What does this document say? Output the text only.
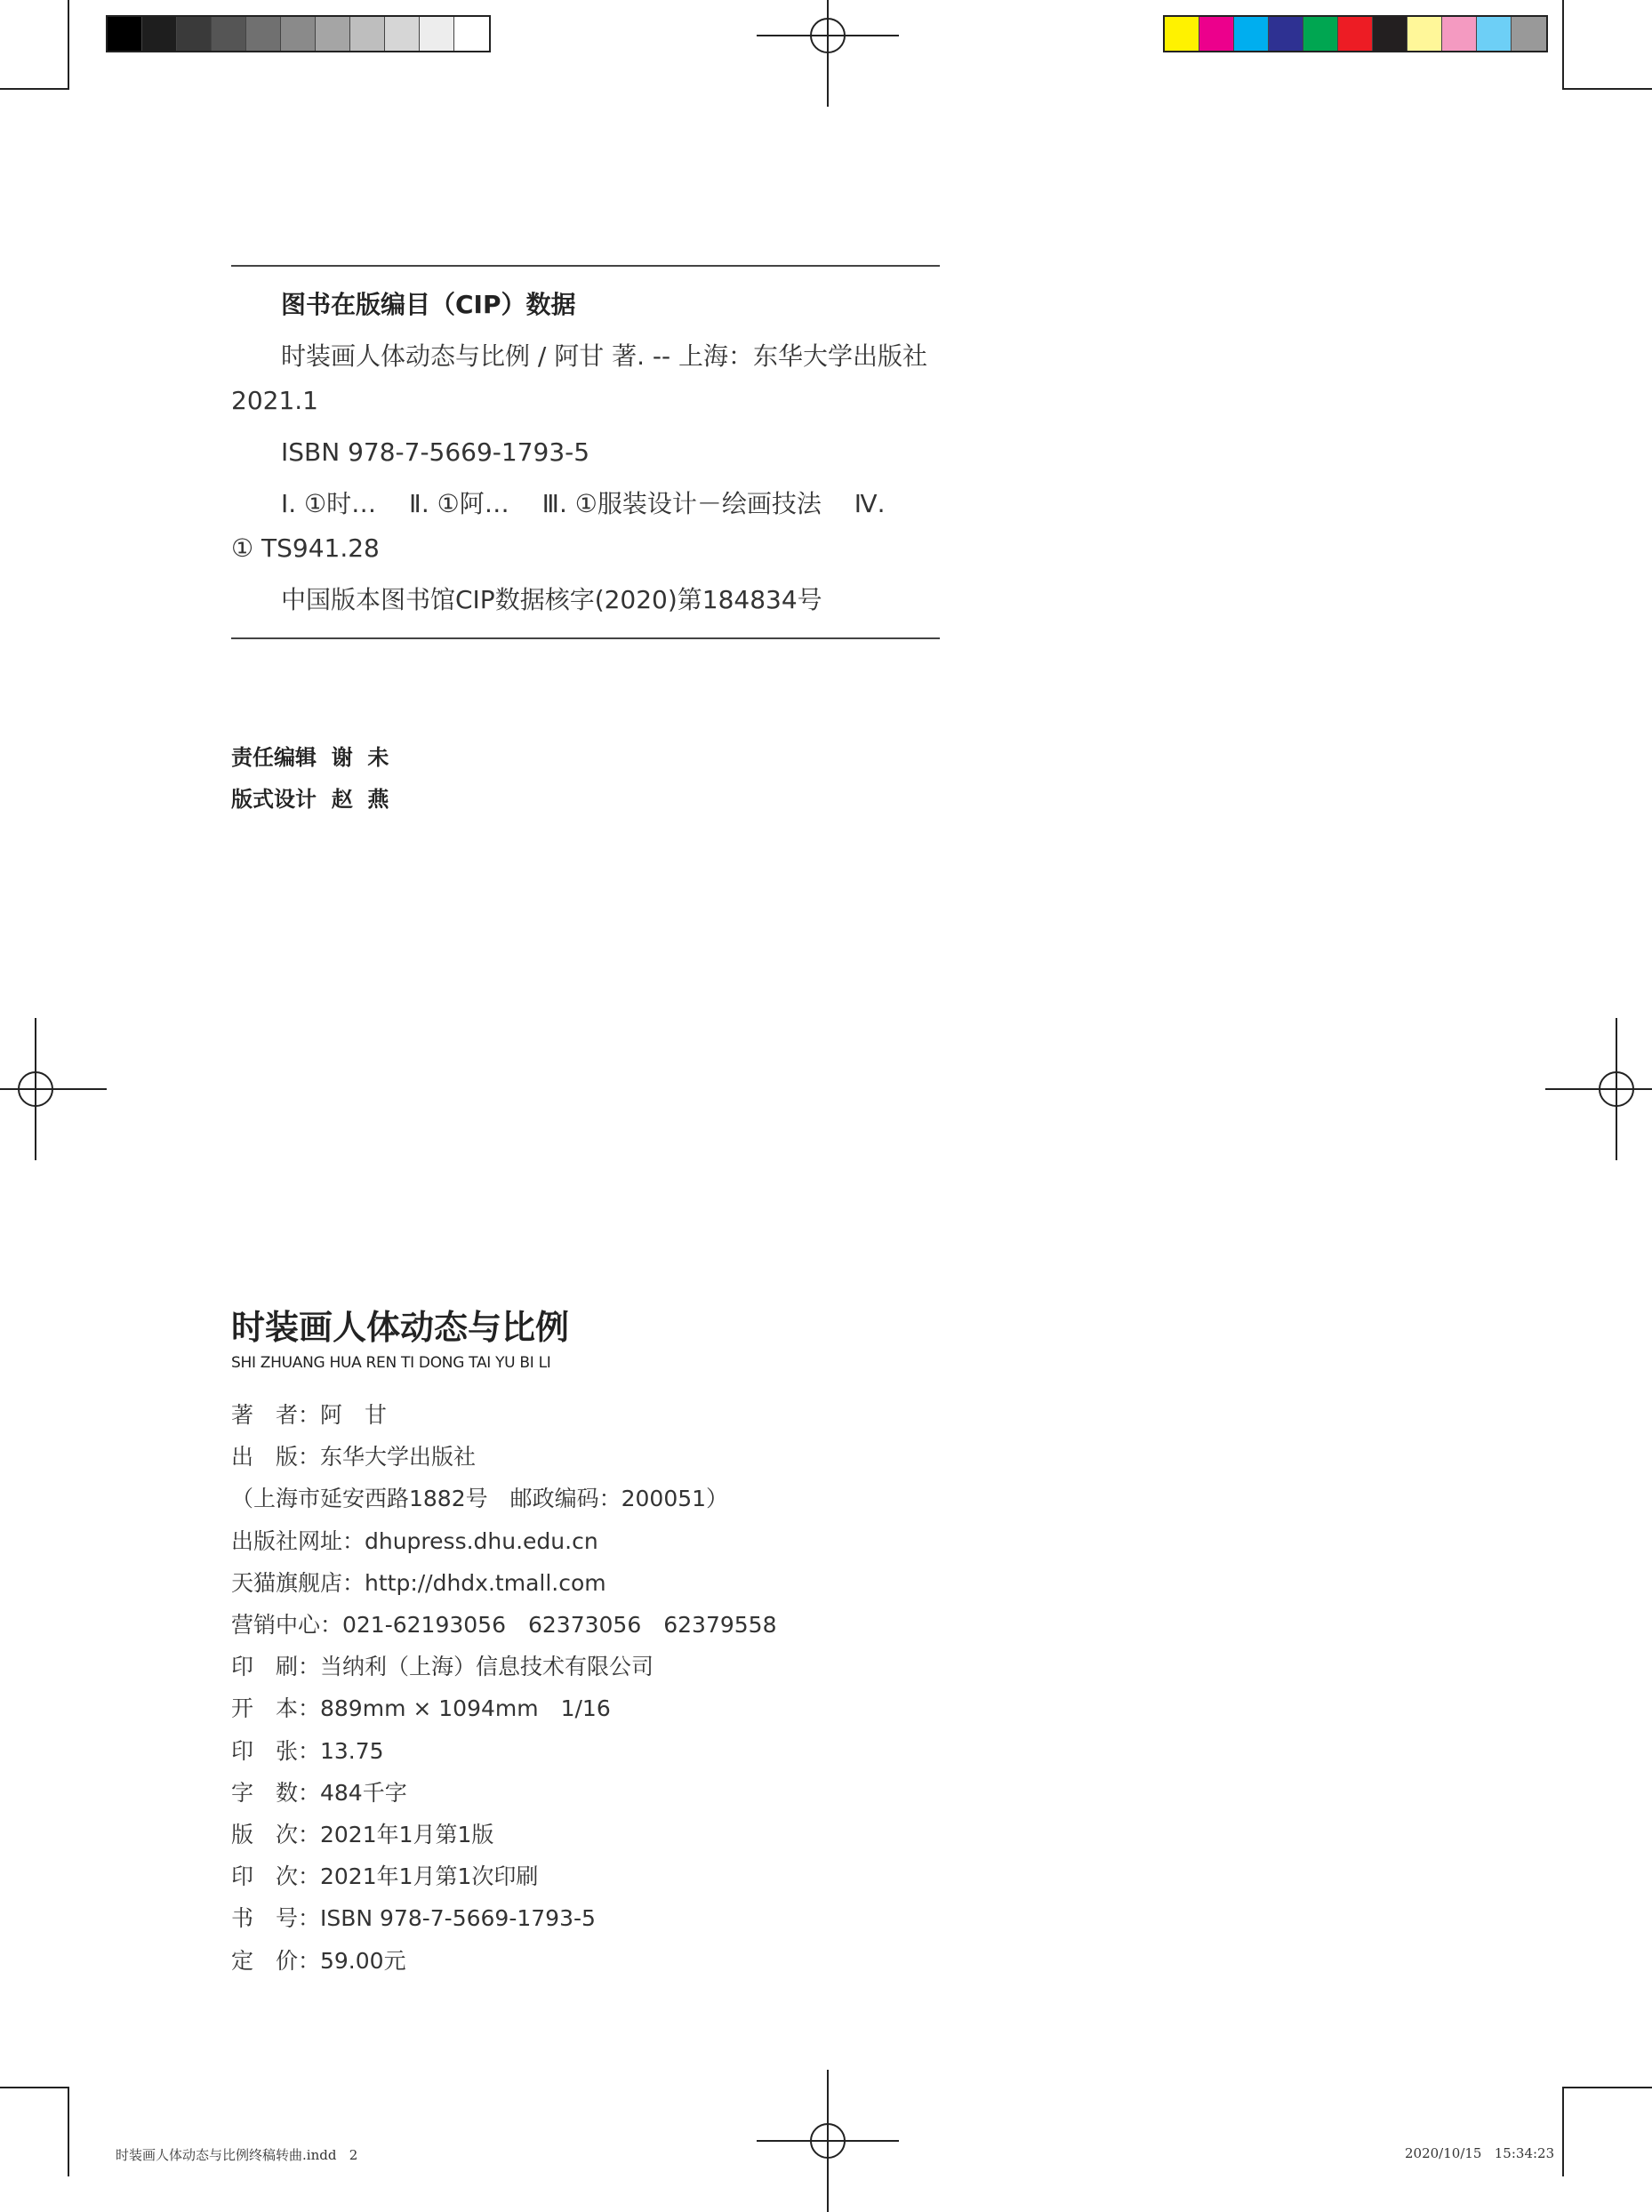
图书在版编目（CIP）数据

时装画人体动态与比例 / 阿甘 著. -- 上海：东华大学出版社

2021.1

ISBN 978-7-5669-1793-5

Ⅰ. ①时…　 Ⅱ. ①阿…　 Ⅲ. ①服装设计－绘画技法　 Ⅳ.

① TS941.28

中国版本图书馆CIP数据核字(2020)第184834号

责任编辑  谢  未
版式设计  赵  燕
时装画人体动态与比例
SHI ZHUANG HUA REN TI DONG TAI YU BI LI
著　者：阿　甘
出　版：东华大学出版社
（上海市延安西路1882号　邮政编码：200051）
出版社网址：dhupress.dhu.edu.cn
天猫旗舰店：http://dhdx.tmall.com
营销中心：021-62193056　62373056　62379558
印　刷：当纳利（上海）信息技术有限公司
开　本：889mm × 1094mm　1/16
印　张：13.75
字　数：484千字
版　次：2021年1月第1版
印　次：2021年1月第1次印刷
书　号：ISBN 978-7-5669-1793-5
定　价：59.00元
时装画人体动态与比例终稿转曲.indd   2	2020/10/15   15:34:23
